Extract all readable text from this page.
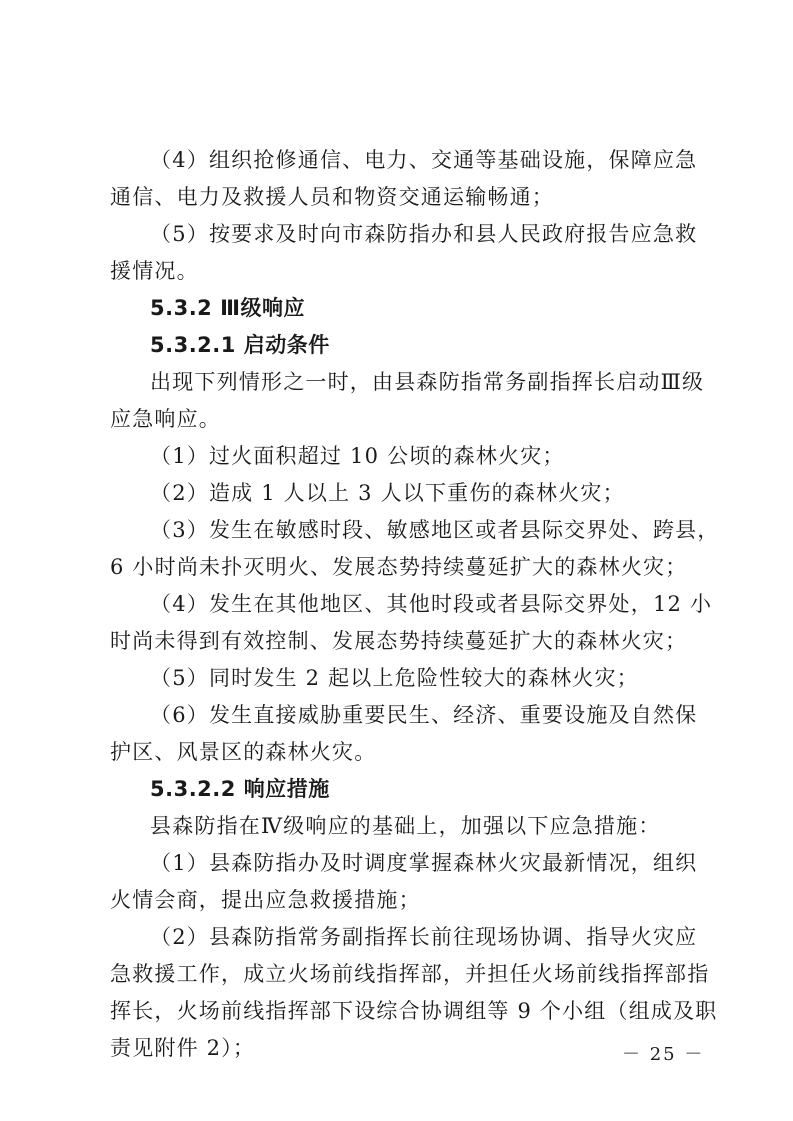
（4）组织抢修通信、电力、交通等基础设施，保障应急
通信、电力及救援人员和物资交通运输畅通；
（5）按要求及时向市森防指办和县人民政府报告应急救
援情况。
5.3.2 Ⅲ级响应
5.3.2.1 启动条件
出现下列情形之一时，由县森防指常务副指挥长启动Ⅲ级
应急响应。
（1）过火面积超过 10 公顷的森林火灾；
（2）造成 1 人以上 3 人以下重伤的森林火灾；
（3）发生在敏感时段、敏感地区或者县际交界处、跨县，
6 小时尚未扑灭明火、发展态势持续蔓延扩大的森林火灾；
（4）发生在其他地区、其他时段或者县际交界处，12 小
时尚未得到有效控制、发展态势持续蔓延扩大的森林火灾；
（5）同时发生 2 起以上危险性较大的森林火灾；
（6）发生直接威胁重要民生、经济、重要设施及自然保
护区、风景区的森林火灾。
5.3.2.2 响应措施
县森防指在Ⅳ级响应的基础上，加强以下应急措施：
（1）县森防指办及时调度掌握森林火灾最新情况，组织
火情会商，提出应急救援措施；
（2）县森防指常务副指挥长前往现场协调、指导火灾应
急救援工作，成立火场前线指挥部，并担任火场前线指挥部指
挥长，火场前线指挥部下设综合协调组等 9 个小组（组成及职
责见附件 2）；	－ 25 －
